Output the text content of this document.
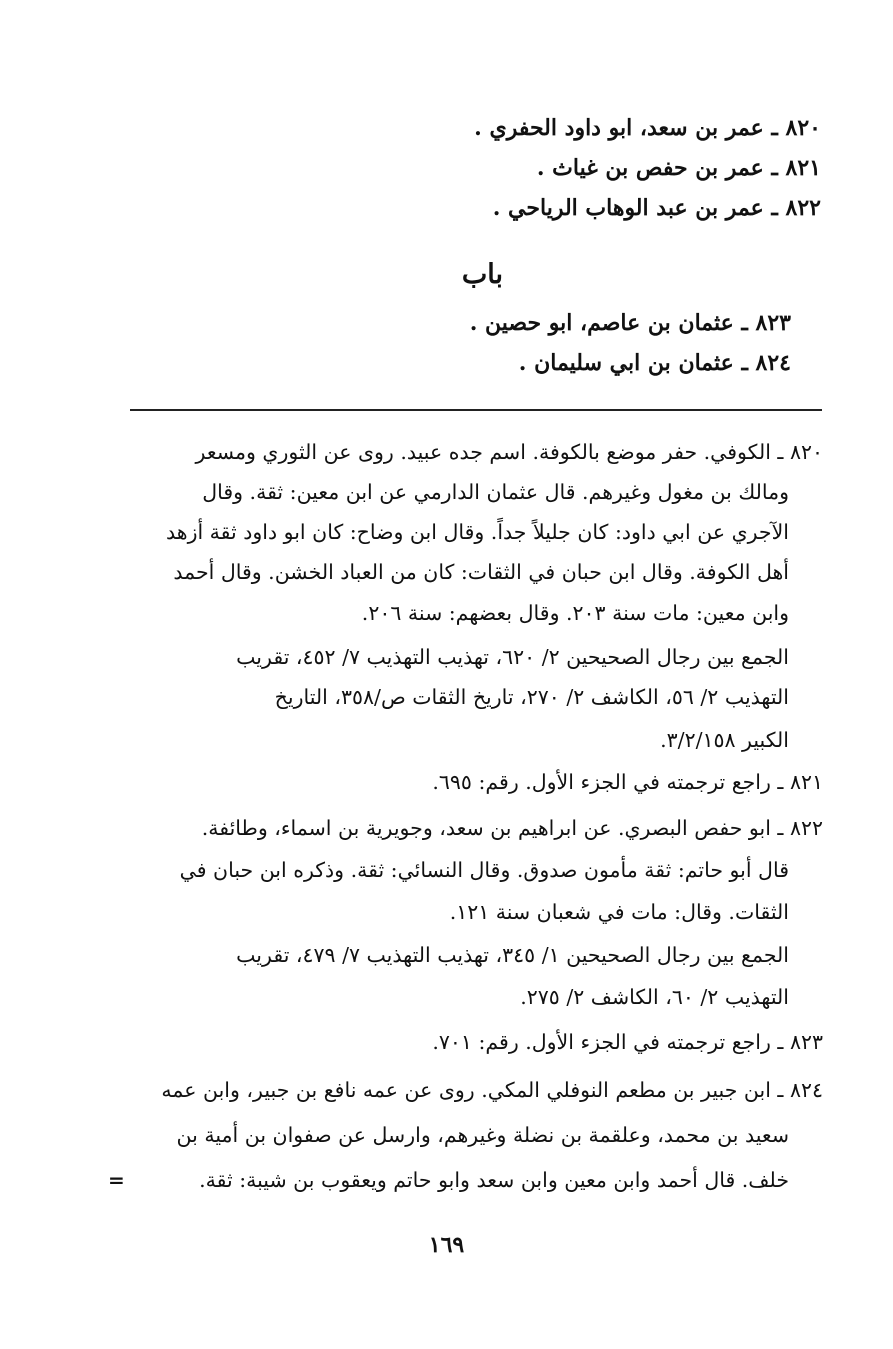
٨٢٠ ـ عمر بن سعد، ابو داود الحفري .
٨٢١ ـ عمر بن حفص بن غياث .
٨٢٢ ـ عمر بن عبد الوهاب الرياحي .
باب
٨٢٣ ـ عثمان بن عاصم، ابو حصين .
٨٢٤ ـ عثمان بن ابي سليمان .
٨٢٠ ـ الكوفي. حفر موضع بالكوفة. اسم جده عبيد. روى عن الثوري ومسعر
ومالك بن مغول وغيرهم. قال عثمان الدارمي عن ابن معين: ثقة. وقال
الآجري عن ابي داود: كان جليلاً جداً. وقال ابن وضاح: كان ابو داود ثقة أزهد
أهل الكوفة. وقال ابن حبان في الثقات: كان من العباد الخشن. وقال أحمد
وابن معين: مات سنة ٢٠٣. وقال بعضهم: سنة ٢٠٦.
الجمع بين رجال الصحيحين ٢/ ٦٢٠، تهذيب التهذيب ٧/ ٤٥٢، تقريب
التهذيب ٢/ ٥٦، الكاشف ٢/ ٢٧٠، تاريخ الثقات ص/٣٥٨، التاريخ
الكبير ٣/٢/١٥٨.
٨٢١ ـ راجع ترجمته في الجزء الأول. رقم: ٦٩٥.
٨٢٢ ـ ابو حفص البصري. عن ابراهيم بن سعد، وجويرية بن اسماء، وطائفة.
قال أبو حاتم: ثقة مأمون صدوق. وقال النسائي: ثقة. وذكره ابن حبان في
الثقات. وقال: مات في شعبان سنة ١٢١.
الجمع بين رجال الصحيحين ١/ ٣٤٥، تهذيب التهذيب ٧/ ٤٧٩، تقريب
التهذيب ٢/ ٦٠، الكاشف ٢/ ٢٧٥.
٨٢٣ ـ راجع ترجمته في الجزء الأول. رقم: ٧٠١.
٨٢٤ ـ ابن جبير بن مطعم النوفلي المكي. روى عن عمه نافع بن جبير، وابن عمه
سعيد بن محمد، وعلقمة بن نضلة وغيرهم، وارسل عن صفوان بن أمية بن
خلف. قال أحمد وابن معين وابن سعد وابو حاتم ويعقوب بن شيبة: ثقة.
=
١٦٩
